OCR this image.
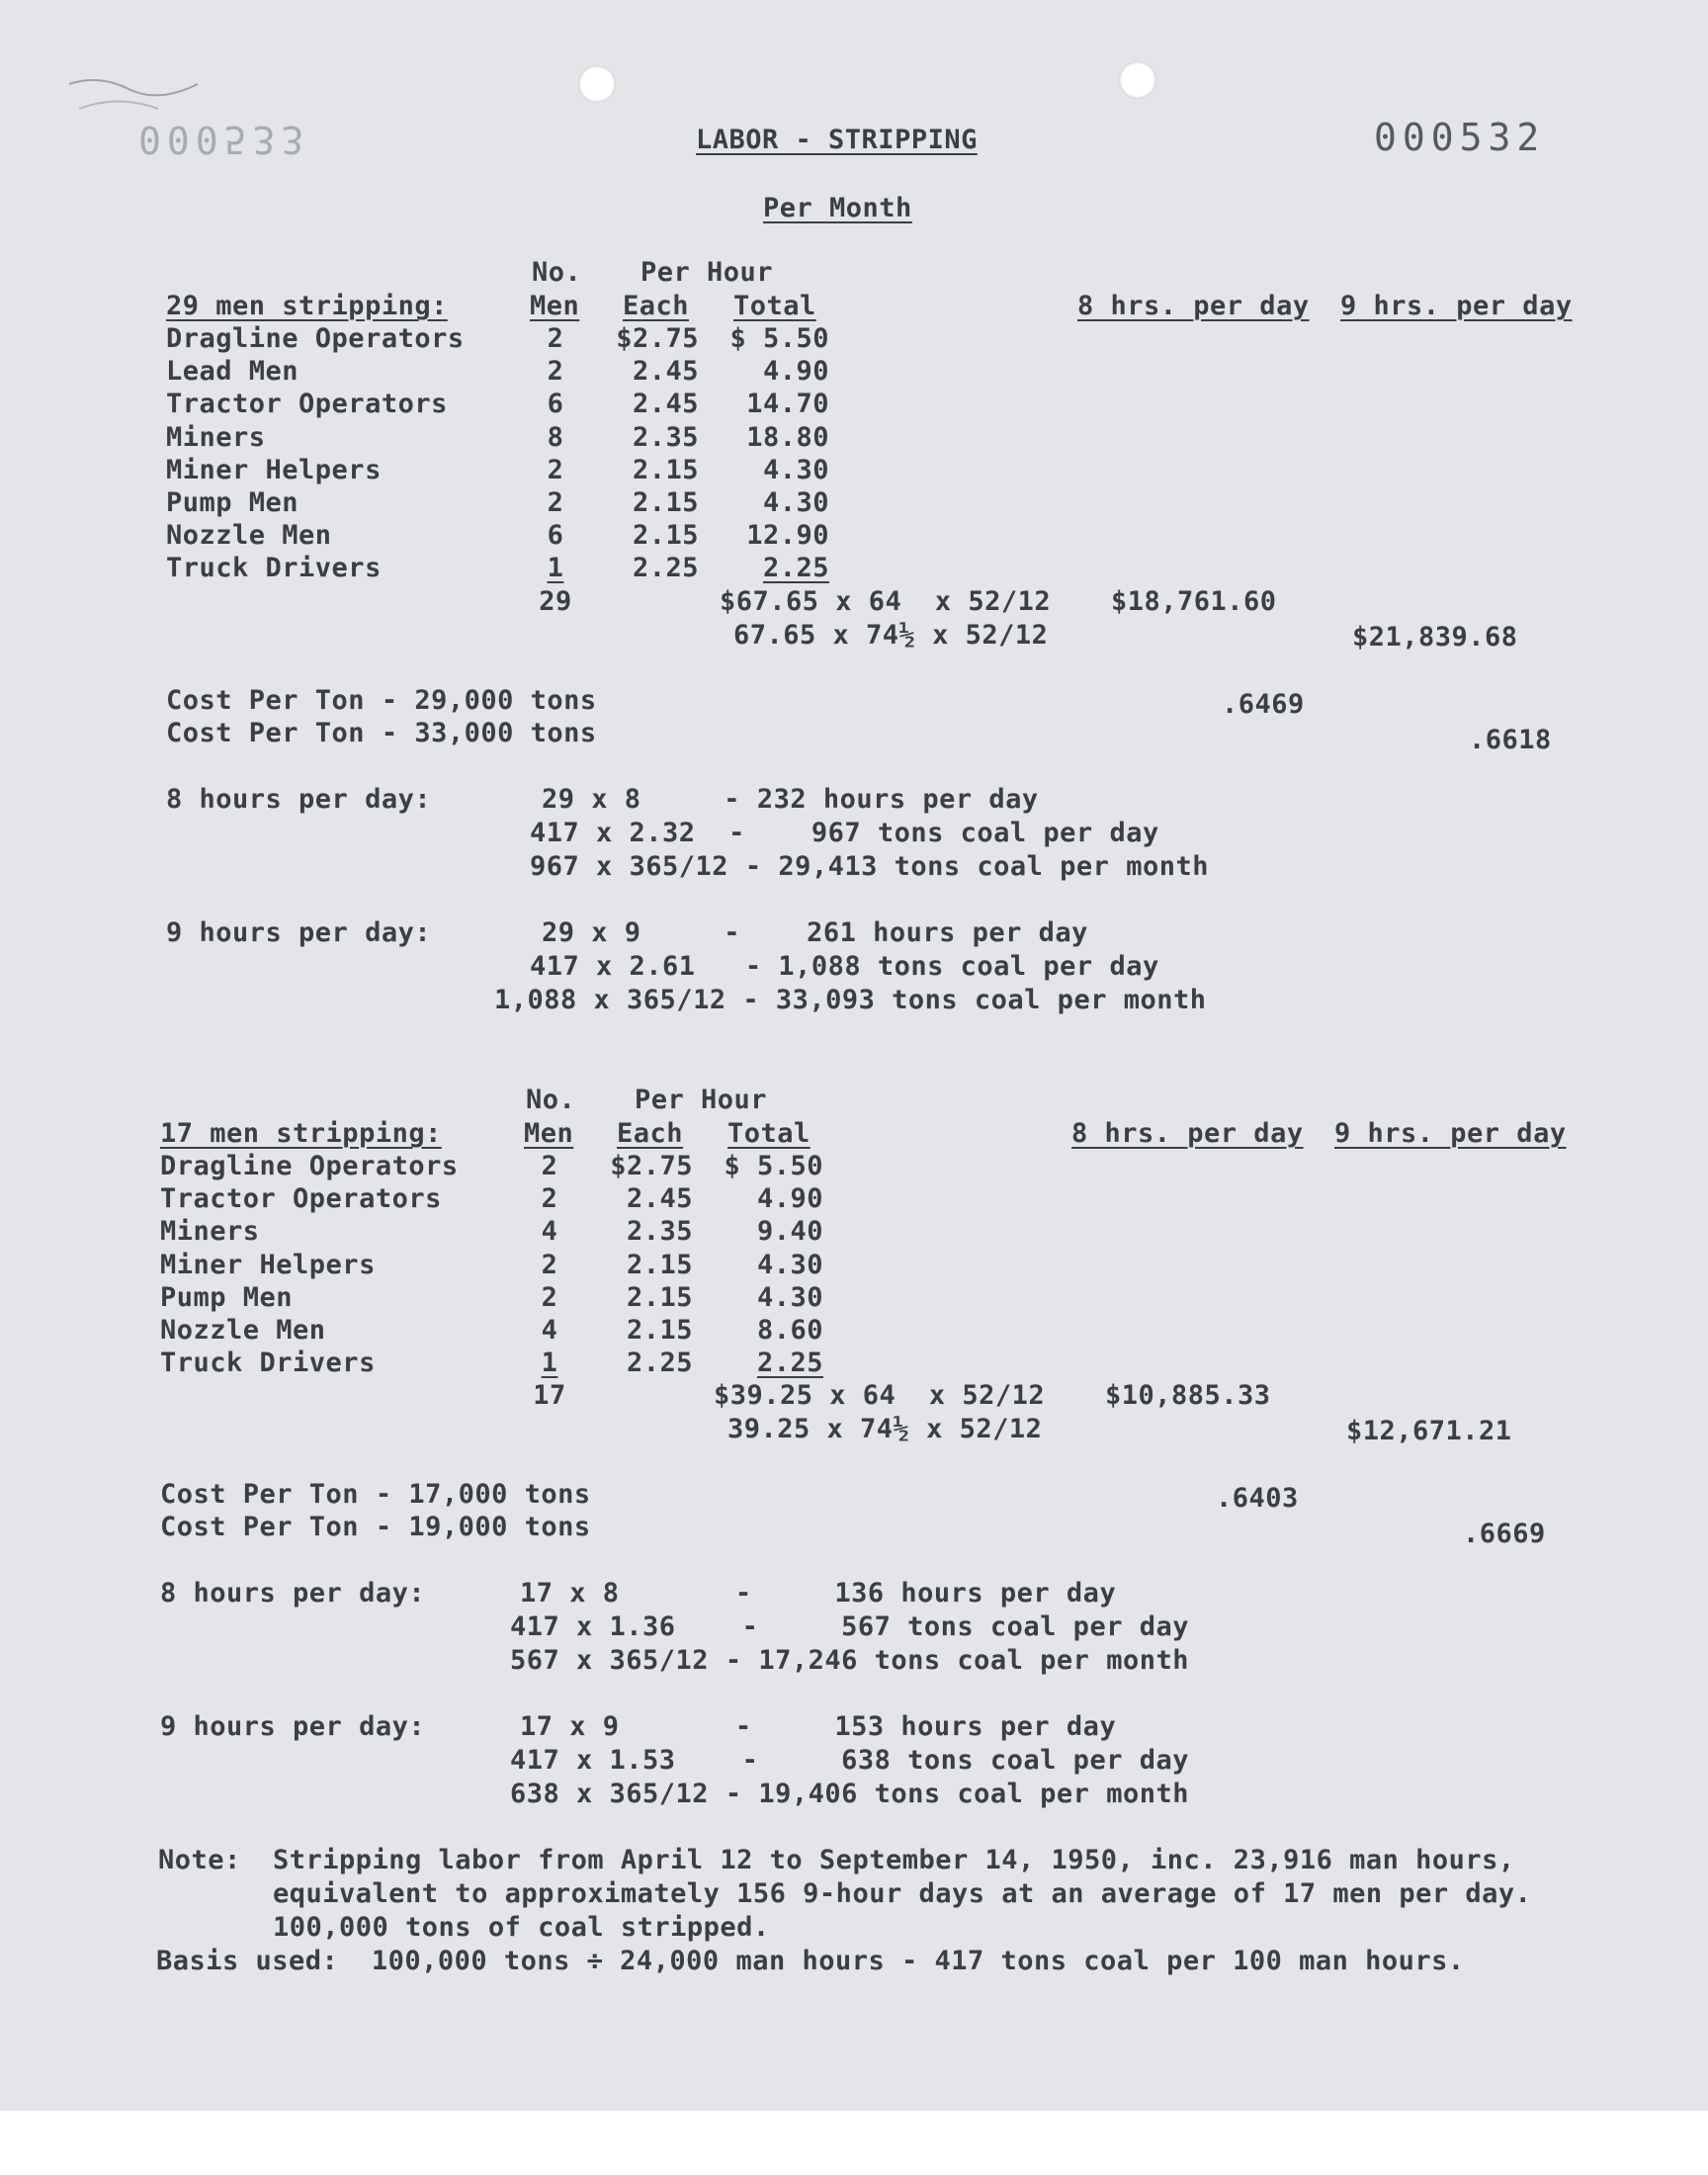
000533	000532
LABOR - STRIPPING
Per Month
No. Per Hour
29 men stripping:	Men Each Total	8 hrs. per day 9 hrs. per day
Dragline Operators	2	$2.75	$ 5.50
Lead Men	2	2.45	4.90
Tractor Operators	6	2.45	14.70
Miners	8	2.35	18.80
Miner Helpers	2	2.15	4.30
Pump Men	2	2.15	4.30
Nozzle Men	6	2.15	12.90
Truck Drivers	1	2.25	2.25
29	$67.65 x 64  x 52/12 $18,761.60
67.65 x 74½ x 52/12	$21,839.68
Cost Per Ton - 29,000 tons	.6469
Cost Per Ton - 33,000 tons	.6618
8 hours per day:	29 x 8     - 232 hours per day
417 x 2.32  -    967 tons coal per day
967 x 365/12 - 29,413 tons coal per month
9 hours per day:	29 x 9     -    261 hours per day
417 x 2.61   - 1,088 tons coal per day
1,088 x 365/12 - 33,093 tons coal per month
No. Per Hour
17 men stripping:	Men Each Total	8 hrs. per day 9 hrs. per day
Dragline Operators	2	$2.75	$ 5.50
Tractor Operators	2	2.45	4.90
Miners	4	2.35	9.40
Miner Helpers	2	2.15	4.30
Pump Men	2	2.15	4.30
Nozzle Men	4	2.15	8.60
Truck Drivers	1	2.25	2.25
17	$39.25 x 64  x 52/12 $10,885.33
39.25 x 74½ x 52/12	$12,671.21
Cost Per Ton - 17,000 tons	.6403
Cost Per Ton - 19,000 tons	.6669
8 hours per day:	17 x 8       -     136 hours per day
417 x 1.36    -     567 tons coal per day
567 x 365/12 - 17,246 tons coal per month
9 hours per day:	17 x 9       -     153 hours per day
417 x 1.53    -     638 tons coal per day
638 x 365/12 - 19,406 tons coal per month
Note: Stripping labor from April 12 to September 14, 1950, inc. 23,916 man hours,
equivalent to approximately 156 9-hour days at an average of 17 men per day.
100,000 tons of coal stripped.
Basis used:  100,000 tons ÷ 24,000 man hours - 417 tons coal per 100 man hours.
